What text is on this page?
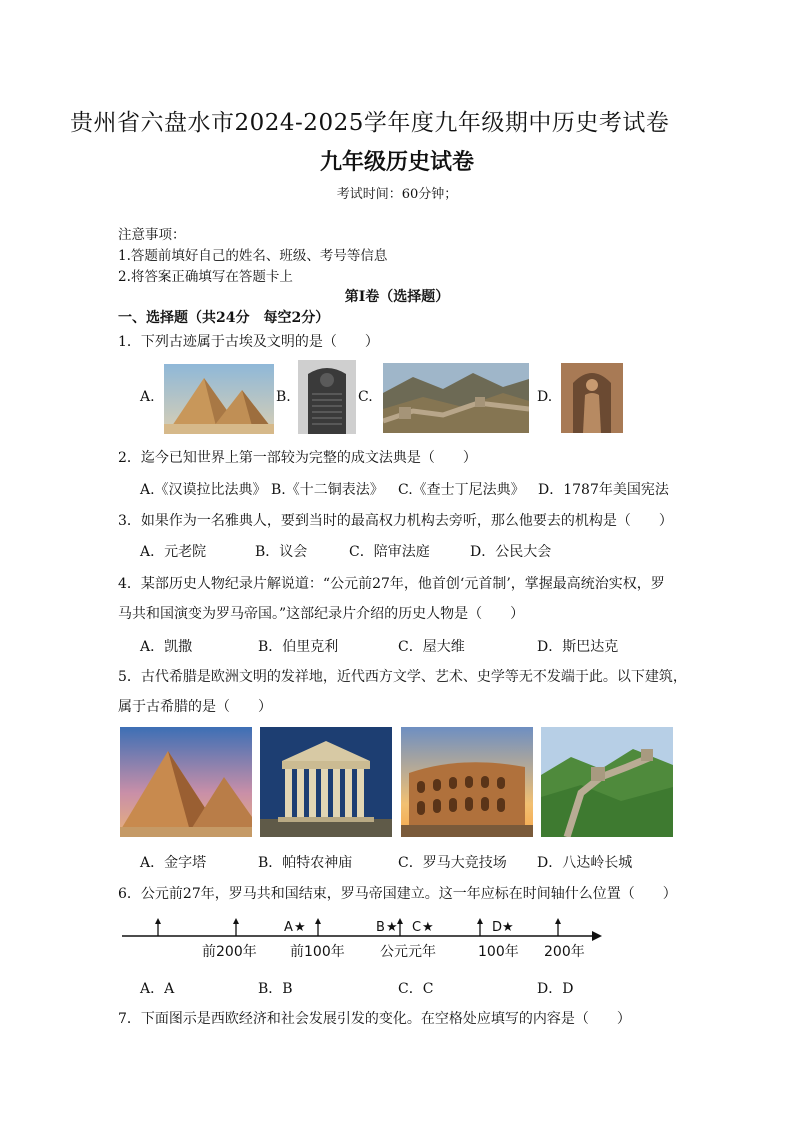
贵州省六盘水市2024-2025学年度九年级期中历史考试卷
九年级历史试卷
考试时间：60分钟；
注意事项：
1.答题前填好自己的姓名、班级、考号等信息
2.将答案正确填写在答题卡上
第Ⅰ卷（选择题）
一、选择题（共24分　每空2分）
1．下列古迹属于古埃及文明的是（　　）
A.	B.	C.	D.
2．迄今已知世界上第一部较为完整的成文法典是（　　）
A.《汉谟拉比法典》 B.《十二铜表法》 C.《查士丁尼法典》 D．1787年美国宪法
3．如果作为一名雅典人，要到当时的最高权力机构去旁听，那么他要去的机构是（　　）
A．元老院	B．议会	C．陪审法庭	D．公民大会
4．某部历史人物纪录片解说道：“公元前27年，他首创‘元首制’，掌握最高统治实权，罗
马共和国演变为罗马帝国。”这部纪录片介绍的历史人物是（　　）
A．凯撒	B．伯里克利	C．屋大维	D．斯巴达克
5．古代希腊是欧洲文明的发祥地，近代西方文学、艺术、史学等无不发端于此。以下建筑，
属于古希腊的是（　　）
A．金字塔	B．帕特农神庙	C．罗马大竞技场 D．八达岭长城
6．公元前27年，罗马共和国结束，罗马帝国建立。这一年应标在时间轴什么位置（　　）
A	B C	D
★	★ ★	★
前200年 前100年	公元元年	100年 200年
A．A	B．B	C．C	D．D
7．下面图示是西欧经济和社会发展引发的变化。在空格处应填写的内容是（　　）
